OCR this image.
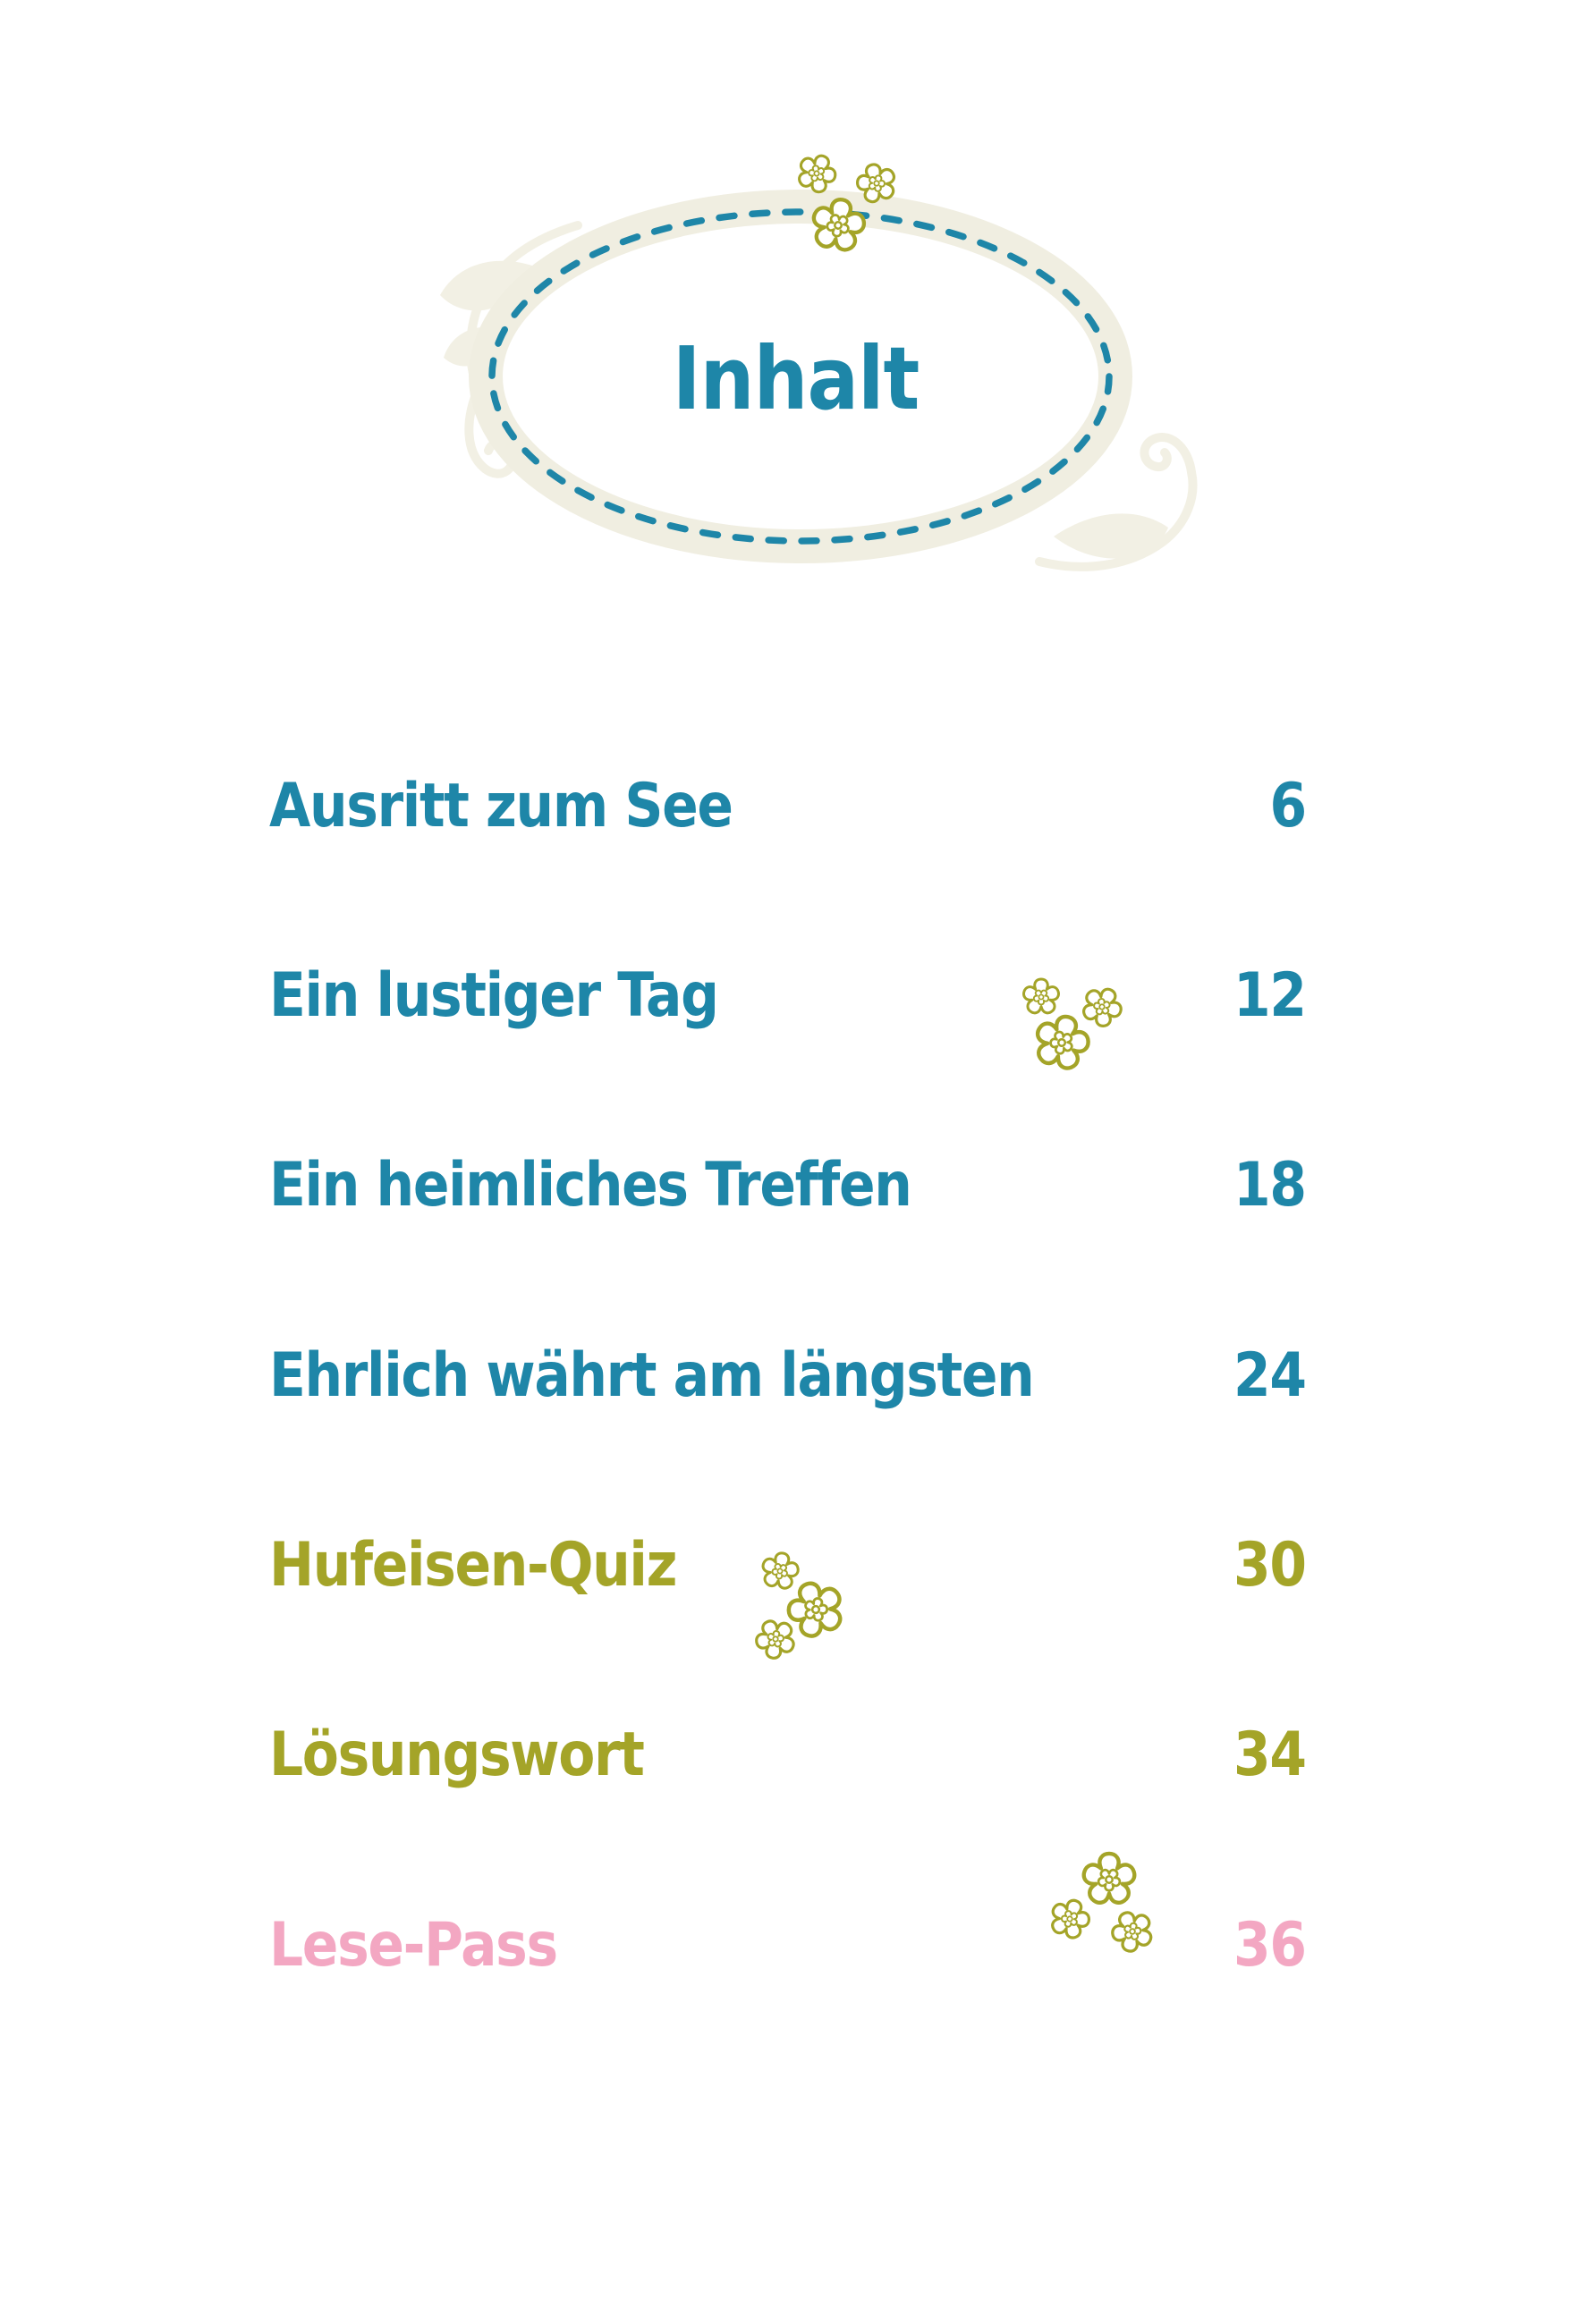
Inhalt
Ausritt zum See	6
Ein lustiger Tag	12
Ein heimliches Treffen	18
Ehrlich währt am längsten	24
Hufeisen-Quiz	30
Lösungswort	34
Lese-Pass	36
